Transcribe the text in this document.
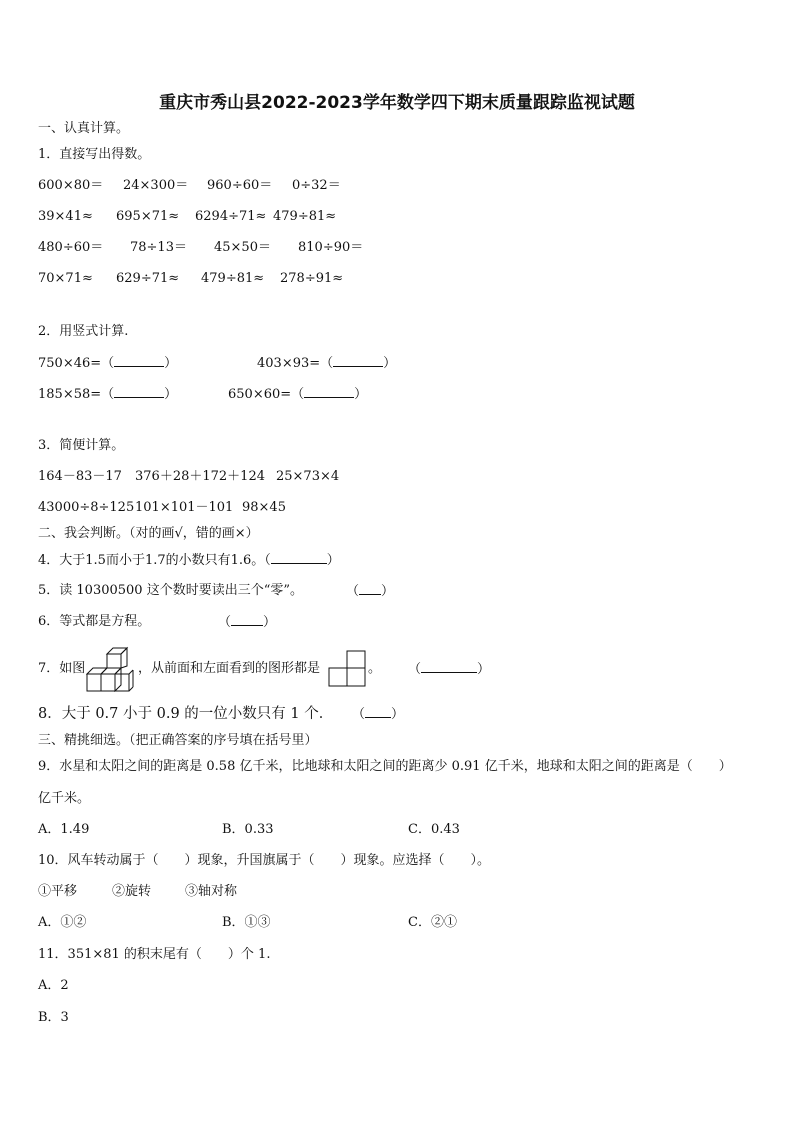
重庆市秀山县2022-2023学年数学四下期末质量跟踪监视试题
一、认真计算。
1．直接写出得数。
600×80＝ 24×300＝ 960÷60＝ 0÷32＝
39×41≈ 695×71≈ 6294÷71≈ 479÷81≈
480÷60＝ 78÷13＝ 45×50＝ 810÷90＝
70×71≈ 629÷71≈ 479÷81≈ 278÷91≈
2．用竖式计算.
750×46=（	）	403×93=（	）
185×58=（	）	650×60=（	）
3．简便计算。
164－83－17 376＋28＋172＋124 25×73×4
43000÷8÷125 101×101－101 98×45
二、我会判断。（对的画√，错的画×）
4．大于1.5而小于1.7的小数只有1.6。（	）
5．读 10300500 这个数时要读出三个“零”。	（ ）
6．等式都是方程。	（ ）
7．如图	，从前面和左面看到的图形都是	。 （	）
8．大于 0.7 小于 0.9 的一位小数只有 1 个． （ ）
三、精挑细选。（把正确答案的序号填在括号里）
9．水星和太阳之间的距离是 0.58 亿千米，比地球和太阳之间的距离少 0.91 亿千米，地球和太阳之间的距离是（　　）
亿千米。
A．1.49	B．0.33	C．0.43
10．风车转动属于（　　）现象，升国旗属于（　　）现象。应选择（　　）。
①平移	②旋转	③轴对称
A．①②	B．①③	C．②①
11．351×81 的积末尾有（　　）个 1.
A．2
B．3
